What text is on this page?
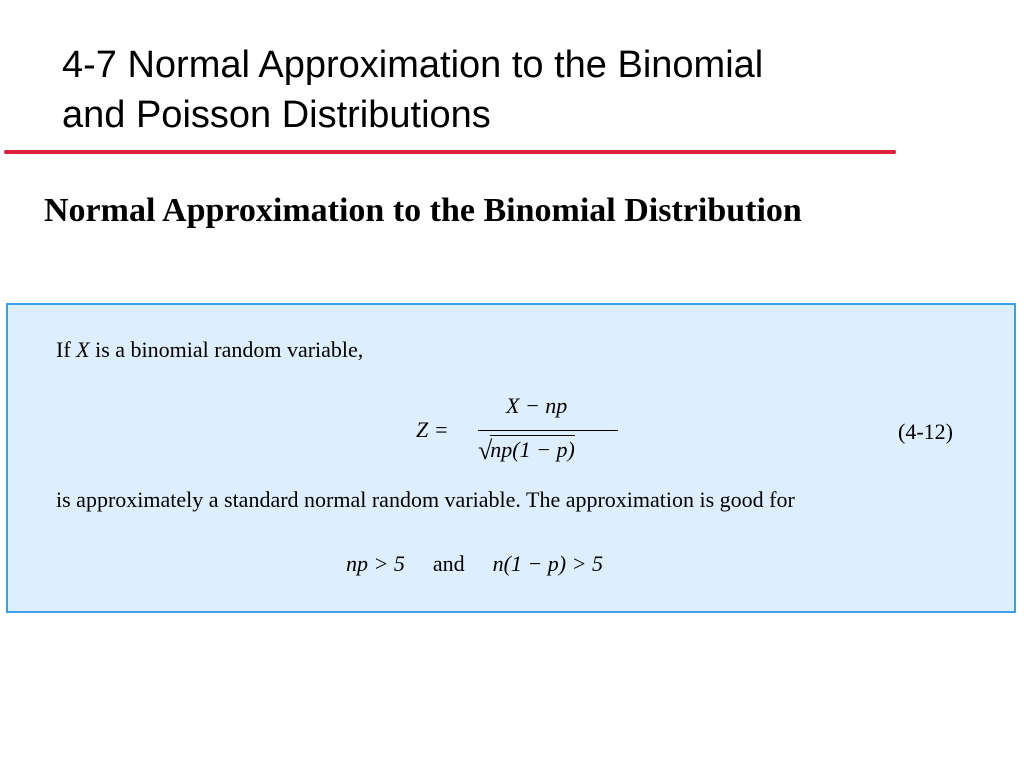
4-7 Normal Approximation to the Binomial
and Poisson Distributions
Normal Approximation to the Binomial Distribution
If X is a binomial random variable,
Z =
X − np
√np(1 − p)
(4-12)
is approximately a standard normal random variable. The approximation is good for
np > 5 and n(1 − p) > 5
